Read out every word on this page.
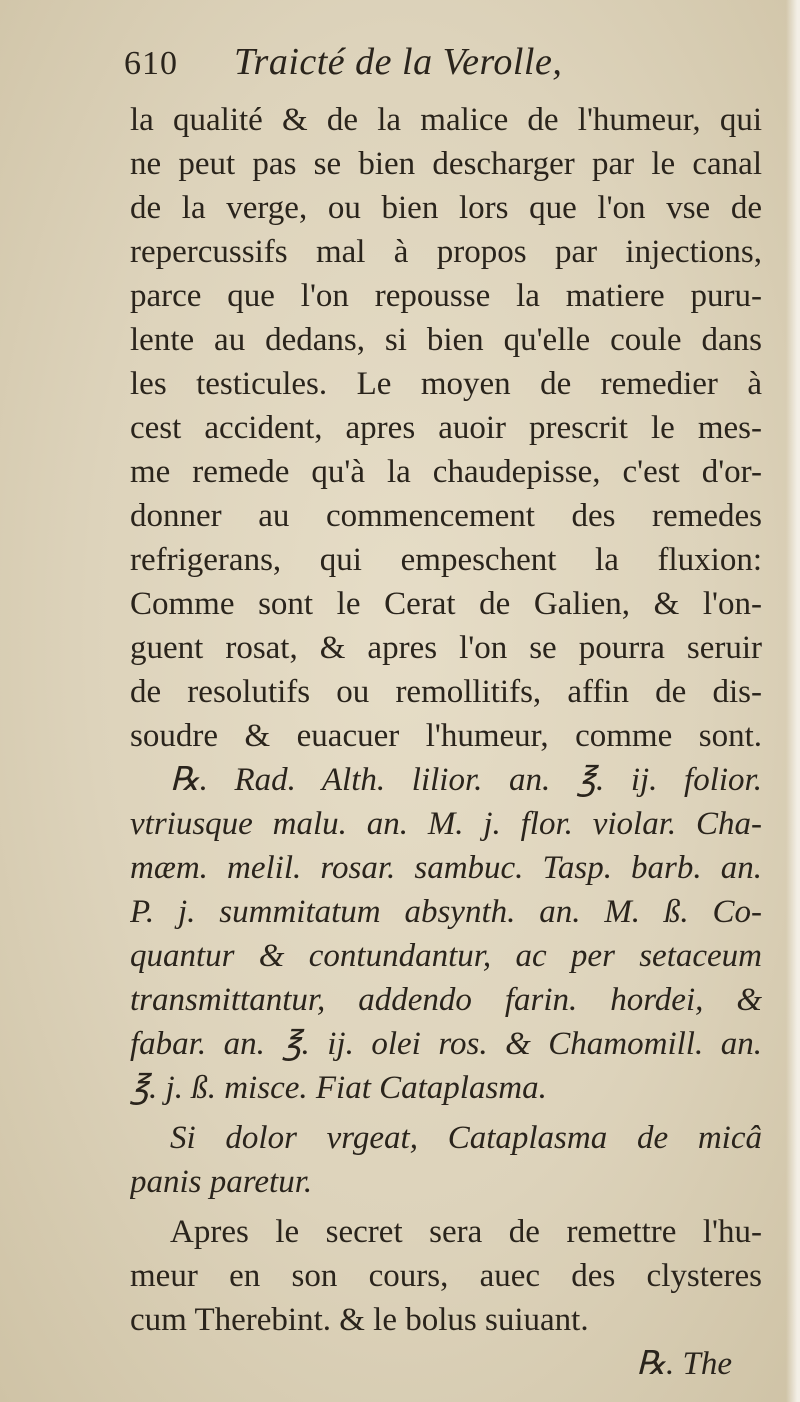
610	Traicté de la Verolle,
la qualité & de la malice de l'humeur, qui
ne peut pas se bien descharger par le canal
de la verge, ou bien lors que l'on vse de
repercussifs mal à propos par injections,
parce que l'on repousse la matiere puru-
lente au dedans, si bien qu'elle coule dans
les testicules. Le moyen de remedier à
cest accident, apres auoir prescrit le mes-
me remede qu'à la chaudepisse, c'est d'or-
donner au commencement des remedes
refrigerans, qui empeschent la fluxion:
Comme sont le Cerat de Galien, & l'on-
guent rosat, & apres l'on se pourra seruir
de resolutifs ou remollitifs, affin de dis-
soudre & euacuer l'humeur, comme sont.
℞. Rad. Alth. lilior. an. ℥. ij. folior.
vtriusque malu. an. M. j. flor. violar. Cha-
mæm. melil. rosar. sambuc. Tasp. barb. an.
P. j. summitatum absynth. an. M. ß. Co-
quantur & contundantur, ac per setaceum
transmittantur, addendo farin. hordei, &
fabar. an. ℥. ij. olei ros. & Chamomill. an.
℥. j. ß. misce. Fiat Cataplasma.
Si dolor vrgeat, Cataplasma de micâ
panis paretur.
Apres le secret sera de remettre l'hu-
meur en son cours, auec des clysteres
cum Therebint. & le bolus suiuant.
℞. The
